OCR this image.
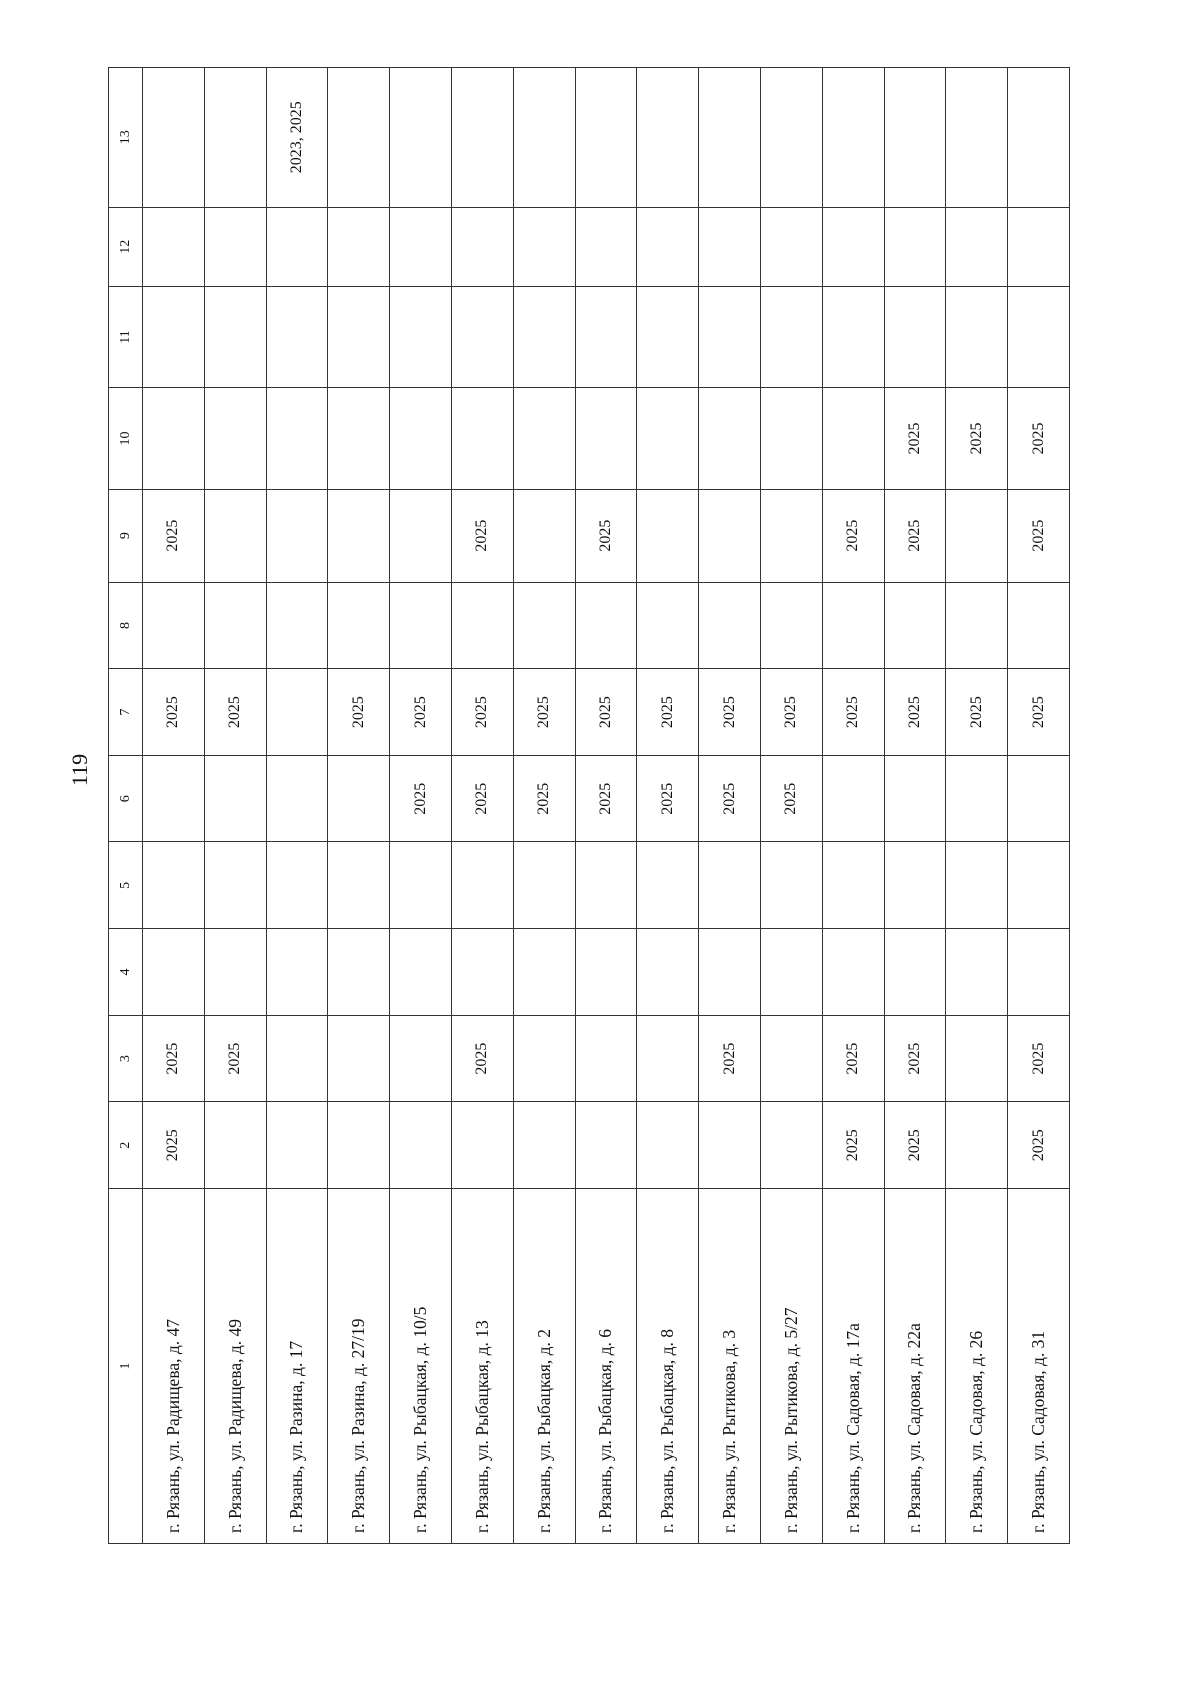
119
1	2	3	4	5	6	7	8	9	10	11	12	13
г. Рязань, ул. Радищева, д. 47	2025	2025				2025		2025				
г. Рязань, ул. Радищева, д. 49		2025				2025						
г. Рязань, ул. Разина, д. 17												2023, 2025
г. Рязань, ул. Разина, д. 27/19						2025						
г. Рязань, ул. Рыбацкая, д. 10/5					2025	2025						
г. Рязань, ул. Рыбацкая, д. 13		2025			2025	2025		2025				
г. Рязань, ул. Рыбацкая, д. 2					2025	2025						
г. Рязань, ул. Рыбацкая, д. 6					2025	2025		2025				
г. Рязань, ул. Рыбацкая, д. 8					2025	2025						
г. Рязань, ул. Рытикова, д. 3		2025			2025	2025						
г. Рязань, ул. Рытикова, д. 5/27					2025	2025						
г. Рязань, ул. Садовая, д. 17а	2025	2025				2025		2025				
г. Рязань, ул. Садовая, д. 22а	2025	2025				2025		2025	2025			
г. Рязань, ул. Садовая, д. 26						2025			2025			
г. Рязань, ул. Садовая, д. 31	2025	2025				2025		2025	2025			
